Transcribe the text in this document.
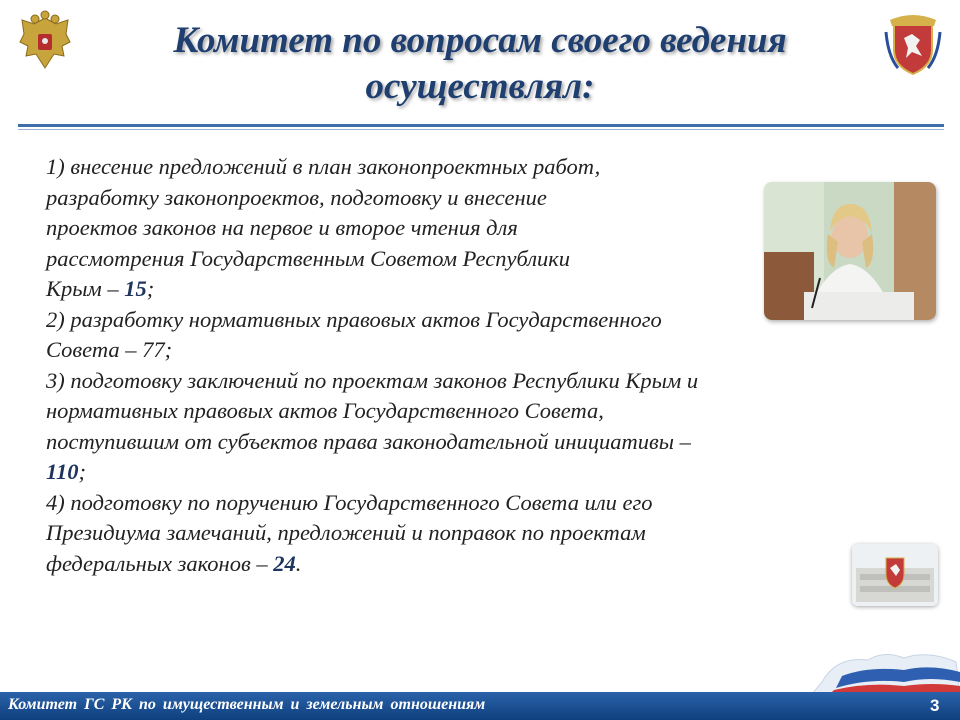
Комитет по вопросам своего ведения
осуществлял:

1) внесение предложений в план законопроектных работ,

разработку законопроектов, подготовку и внесение

проектов законов на первое и второе чтения для

рассмотрения Государственным Советом Республики

Крым – 15;

2) разработку нормативных правовых актов Государственного

Совета – 77;

3) подготовку заключений по проектам законов Республики Крым и

нормативных правовых актов Государственного Совета,

поступившим от субъектов права законодательной инициативы –

110;

4) подготовку по поручению Государственного Совета или его

Президиума замечаний, предложений и поправок по проектам

федеральных законов – 24.

Комитет ГС РК по имущественным и земельным отношениям	3
